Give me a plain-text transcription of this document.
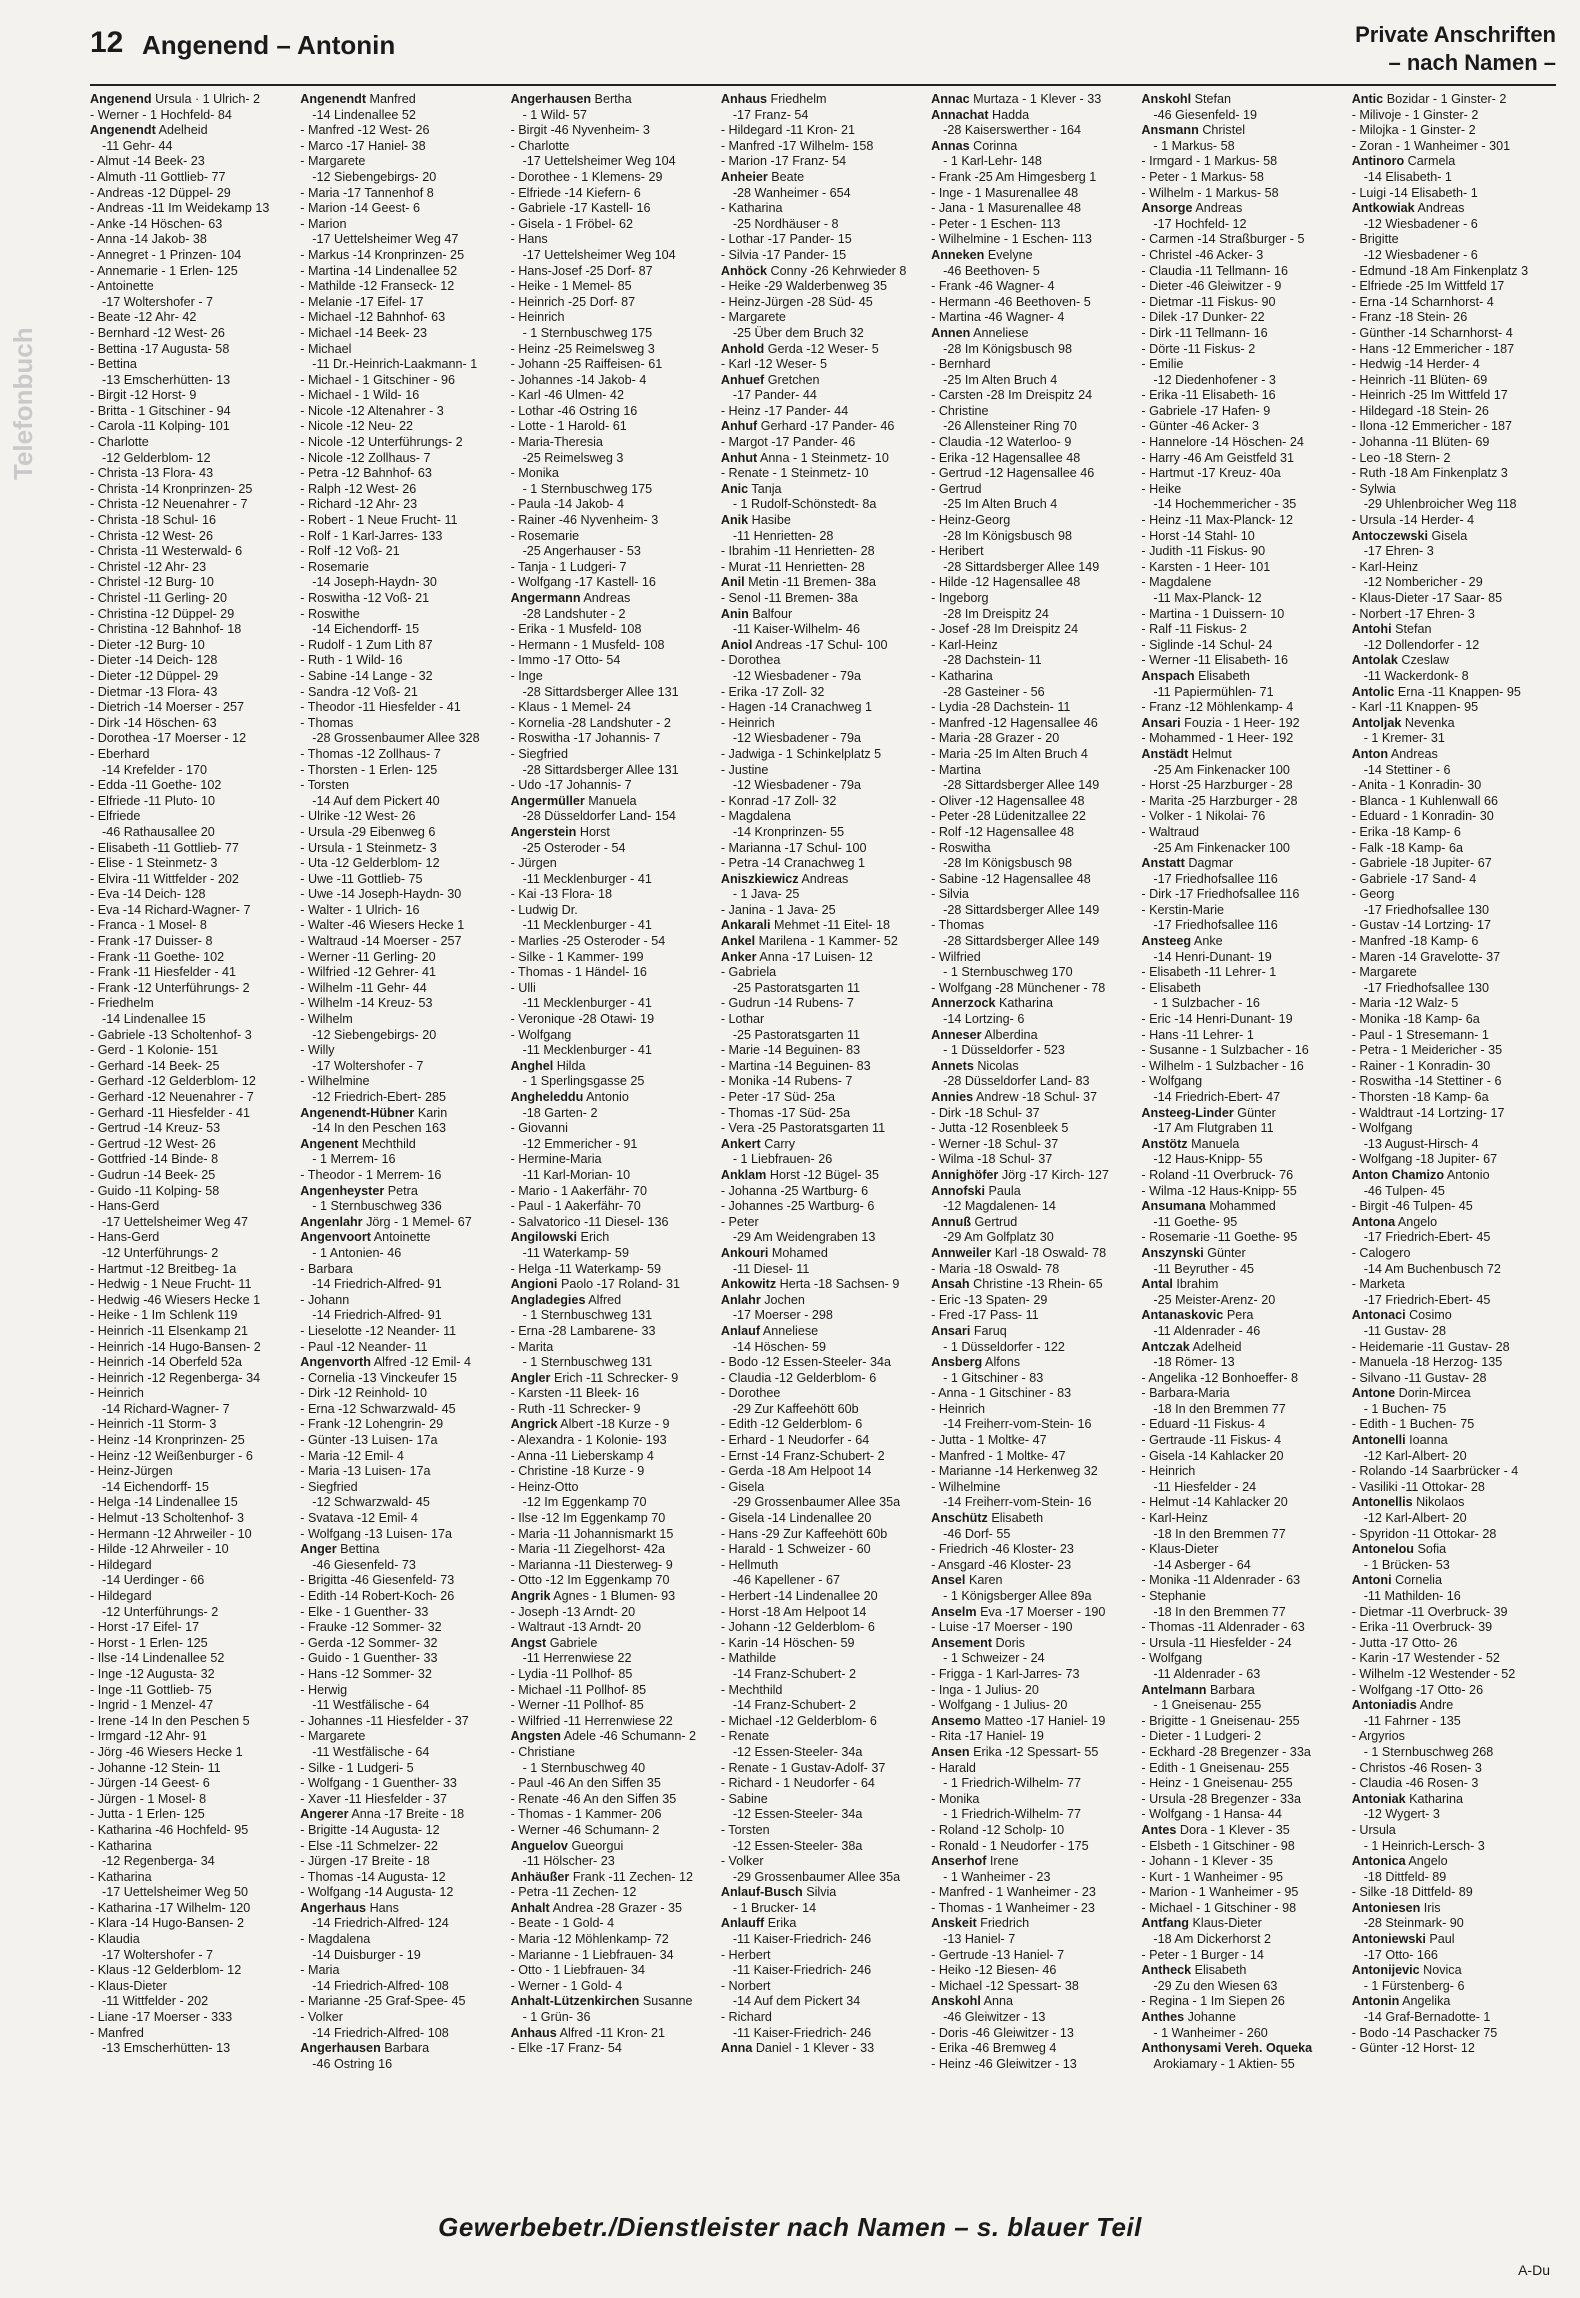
Telefonbuch
12 Angenend – Antonin	Private Anschriften
– nach Namen –
Angenend Ursula · 1 Ulrich- 2
- Werner - 1 Hochfeld- 84
Angenendt Adelheid
-11 Gehr- 44
- Almut -14 Beek- 23
- Almuth -11 Gottlieb- 77
- Andreas -12 Düppel- 29
- Andreas -11 Im Weidekamp 13
- Anke -14 Höschen- 63
- Anna -14 Jakob- 38
- Annegret - 1 Prinzen- 104
- Annemarie - 1 Erlen- 125
- Antoinette
-17 Woltershofer - 7
- Beate -12 Ahr- 42
- Bernhard -12 West- 26
- Bettina -17 Augusta- 58
- Bettina
-13 Emscherhütten- 13
- Birgit -12 Horst- 9
- Britta - 1 Gitschiner - 94
- Carola -11 Kolping- 101
- Charlotte
-12 Gelderblom- 12
- Christa -13 Flora- 43
- Christa -14 Kronprinzen- 25
- Christa -12 Neuenahrer - 7
- Christa -18 Schul- 16
- Christa -12 West- 26
- Christa -11 Westerwald- 6
- Christel -12 Ahr- 23
- Christel -12 Burg- 10
- Christel -11 Gerling- 20
- Christina -12 Düppel- 29
- Christina -12 Bahnhof- 18
- Dieter -12 Burg- 10
- Dieter -14 Deich- 128
- Dieter -12 Düppel- 29
- Dietmar -13 Flora- 43
- Dietrich -14 Moerser - 257
- Dirk -14 Höschen- 63
- Dorothea -17 Moerser - 12
- Eberhard
-14 Krefelder - 170
- Edda -11 Goethe- 102
- Elfriede -11 Pluto- 10
- Elfriede
-46 Rathausallee 20
- Elisabeth -11 Gottlieb- 77
- Elise - 1 Steinmetz- 3
- Elvira -11 Wittfelder - 202
- Eva -14 Deich- 128
- Eva -14 Richard-Wagner- 7
- Franca - 1 Mosel- 8
- Frank -17 Duisser- 8
- Frank -11 Goethe- 102
- Frank -11 Hiesfelder - 41
- Frank -12 Unterführungs- 2
- Friedhelm
-14 Lindenallee 15
- Gabriele -13 Scholtenhof- 3
- Gerd - 1 Kolonie- 151
- Gerhard -14 Beek- 25
- Gerhard -12 Gelderblom- 12
- Gerhard -12 Neuenahrer - 7
- Gerhard -11 Hiesfelder - 41
- Gertrud -14 Kreuz- 53
- Gertrud -12 West- 26
- Gottfried -14 Binde- 8
- Gudrun -14 Beek- 25
- Guido -11 Kolping- 58
- Hans-Gerd
-17 Uettelsheimer Weg 47
- Hans-Gerd
-12 Unterführungs- 2
- Hartmut -12 Breitbeg- 1a
- Hedwig - 1 Neue Frucht- 11
- Hedwig -46 Wiesers Hecke 1
- Heike - 1 Im Schlenk 119
- Heinrich -11 Elsenkamp 21
- Heinrich -14 Hugo-Bansen- 2
- Heinrich -14 Oberfeld 52a
- Heinrich -12 Regenberga- 34
- Heinrich
-14 Richard-Wagner- 7
- Heinrich -11 Storm- 3
- Heinz -14 Kronprinzen- 25
- Heinz -12 Weißenburger - 6
- Heinz-Jürgen
-14 Eichendorff- 15
- Helga -14 Lindenallee 15
- Helmut -13 Scholtenhof- 3
- Hermann -12 Ahrweiler - 10
- Hilde -12 Ahrweiler - 10
- Hildegard
-14 Uerdinger - 66
- Hildegard
-12 Unterführungs- 2
- Horst -17 Eifel- 17
- Horst - 1 Erlen- 125
- Ilse -14 Lindenallee 52
- Inge -12 Augusta- 32
- Inge -11 Gottlieb- 75
- Ingrid - 1 Menzel- 47
- Irene -14 In den Peschen 5
- Irmgard -12 Ahr- 91
- Jörg -46 Wiesers Hecke 1
- Johanne -12 Stein- 11
- Jürgen -14 Geest- 6
- Jürgen - 1 Mosel- 8
- Jutta - 1 Erlen- 125
- Katharina -46 Hochfeld- 95
- Katharina
-12 Regenberga- 34
- Katharina
-17 Uettelsheimer Weg 50
- Katharina -17 Wilhelm- 120
- Klara -14 Hugo-Bansen- 2
- Klaudia
-17 Woltershofer - 7
- Klaus -12 Gelderblom- 12
- Klaus-Dieter
-11 Wittfelder - 202
- Liane -17 Moerser - 333
- Manfred
-13 Emscherhütten- 13
Angenendt Manfred
-14 Lindenallee 52
- Manfred -12 West- 26
- Marco -17 Haniel- 38
- Margarete
-12 Siebengebirgs- 20
- Maria -17 Tannenhof 8
- Marion -14 Geest- 6
- Marion
-17 Uettelsheimer Weg 47
- Markus -14 Kronprinzen- 25
- Martina -14 Lindenallee 52
- Mathilde -12 Franseck- 12
- Melanie -17 Eifel- 17
- Michael -12 Bahnhof- 63
- Michael -14 Beek- 23
- Michael
-11 Dr.-Heinrich-Laakmann- 1
- Michael - 1 Gitschiner - 96
- Michael - 1 Wild- 16
- Nicole -12 Altenahrer - 3
- Nicole -12 Neu- 22
- Nicole -12 Unterführungs- 2
- Nicole -12 Zollhaus- 7
- Petra -12 Bahnhof- 63
- Ralph -12 West- 26
- Richard -12 Ahr- 23
- Robert - 1 Neue Frucht- 11
- Rolf - 1 Karl-Jarres- 133
- Rolf -12 Voß- 21
- Rosemarie
-14 Joseph-Haydn- 30
- Roswitha -12 Voß- 21
- Roswithe
-14 Eichendorff- 15
- Rudolf - 1 Zum Lith 87
- Ruth - 1 Wild- 16
- Sabine -14 Lange - 32
- Sandra -12 Voß- 21
- Theodor -11 Hiesfelder - 41
- Thomas
-28 Grossenbaumer Allee 328
- Thomas -12 Zollhaus- 7
- Thorsten - 1 Erlen- 125
- Torsten
-14 Auf dem Pickert 40
- Ulrike -12 West- 26
- Ursula -29 Eibenweg 6
- Ursula - 1 Steinmetz- 3
- Uta -12 Gelderblom- 12
- Uwe -11 Gottlieb- 75
- Uwe -14 Joseph-Haydn- 30
- Walter - 1 Ulrich- 16
- Walter -46 Wiesers Hecke 1
- Waltraud -14 Moerser - 257
- Werner -11 Gerling- 20
- Wilfried -12 Gehrer- 41
- Wilhelm -11 Gehr- 44
- Wilhelm -14 Kreuz- 53
- Wilhelm
-12 Siebengebirgs- 20
- Willy
-17 Woltershofer - 7
- Wilhelmine
-12 Friedrich-Ebert- 285
Angenendt-Hübner Karin
-14 In den Peschen 163
Angenent Mechthild
- 1 Merrem- 16
- Theodor - 1 Merrem- 16
Angenheyster Petra
- 1 Sternbuschweg 336
Angenlahr Jörg - 1 Memel- 67
Angenvoort Antoinette
- 1 Antonien- 46
- Barbara
-14 Friedrich-Alfred- 91
- Johann
-14 Friedrich-Alfred- 91
- Lieselotte -12 Neander- 11
- Paul -12 Neander- 11
Angenvorth Alfred -12 Emil- 4
- Cornelia -13 Vinckeufer 15
- Dirk -12 Reinhold- 10
- Erna -12 Schwarzwald- 45
- Frank -12 Lohengrin- 29
- Günter -13 Luisen- 17a
- Maria -12 Emil- 4
- Maria -13 Luisen- 17a
- Siegfried
-12 Schwarzwald- 45
- Svatava -12 Emil- 4
- Wolfgang -13 Luisen- 17a
Anger Bettina
-46 Giesenfeld- 73
- Brigitta -46 Giesenfeld- 73
- Edith -14 Robert-Koch- 26
- Elke - 1 Guenther- 33
- Frauke -12 Sommer- 32
- Gerda -12 Sommer- 32
- Guido - 1 Guenther- 33
- Hans -12 Sommer- 32
- Herwig
-11 Westfälische - 64
- Johannes -11 Hiesfelder - 37
- Margarete
-11 Westfälische - 64
- Silke - 1 Ludgeri- 5
- Wolfgang - 1 Guenther- 33
- Xaver -11 Hiesfelder - 37
Angerer Anna -17 Breite - 18
- Brigitte -14 Augusta- 12
- Else -11 Schmelzer- 22
- Jürgen -17 Breite - 18
- Thomas -14 Augusta- 12
- Wolfgang -14 Augusta- 12
Angerhaus Hans
-14 Friedrich-Alfred- 124
- Magdalena
-14 Duisburger - 19
- Maria
-14 Friedrich-Alfred- 108
- Marianne -25 Graf-Spee- 45
- Volker
-14 Friedrich-Alfred- 108
Angerhausen Barbara
-46 Ostring 16
Angerhausen Bertha
- 1 Wild- 57
- Birgit -46 Nyvenheim- 3
- Charlotte
-17 Uettelsheimer Weg 104
- Dorothee - 1 Klemens- 29
- Elfriede -14 Kiefern- 6
- Gabriele -17 Kastell- 16
- Gisela - 1 Fröbel- 62
- Hans
-17 Uettelsheimer Weg 104
- Hans-Josef -25 Dorf- 87
- Heike - 1 Memel- 85
- Heinrich -25 Dorf- 87
- Heinrich
- 1 Sternbuschweg 175
- Heinz -25 Reimelsweg 3
- Johann -25 Raiffeisen- 61
- Johannes -14 Jakob- 4
- Karl -46 Ulmen- 42
- Lothar -46 Ostring 16
- Lotte - 1 Harold- 61
- Maria-Theresia
-25 Reimelsweg 3
- Monika
- 1 Sternbuschweg 175
- Paula -14 Jakob- 4
- Rainer -46 Nyvenheim- 3
- Rosemarie
-25 Angerhauser - 53
- Tanja - 1 Ludgeri- 7
- Wolfgang -17 Kastell- 16
Angermann Andreas
-28 Landshuter - 2
- Erika - 1 Musfeld- 108
- Hermann - 1 Musfeld- 108
- Immo -17 Otto- 54
- Inge
-28 Sittardsberger Allee 131
- Klaus - 1 Memel- 24
- Kornelia -28 Landshuter - 2
- Roswitha -17 Johannis- 7
- Siegfried
-28 Sittardsberger Allee 131
- Udo -17 Johannis- 7
Angermüller Manuela
-28 Düsseldorfer Land- 154
Angerstein Horst
-25 Osteroder - 54
- Jürgen
-11 Mecklenburger - 41
- Kai -13 Flora- 18
- Ludwig Dr.
-11 Mecklenburger - 41
- Marlies -25 Osteroder - 54
- Silke - 1 Kammer- 199
- Thomas - 1 Händel- 16
- Ulli
-11 Mecklenburger - 41
- Veronique -28 Otawi- 19
- Wolfgang
-11 Mecklenburger - 41
Anghel Hilda
- 1 Sperlingsgasse 25
Angheleddu Antonio
-18 Garten- 2
- Giovanni
-12 Emmericher - 91
- Hermine-Maria
-11 Karl-Morian- 10
- Mario - 1 Aakerfähr- 70
- Paul - 1 Aakerfähr- 70
- Salvatorico -11 Diesel- 136
Angilowski Erich
-11 Waterkamp- 59
- Helga -11 Waterkamp- 59
Angioni Paolo -17 Roland- 31
Angladegies Alfred
- 1 Sternbuschweg 131
- Erna -28 Lambarene- 33
- Marita
- 1 Sternbuschweg 131
Angler Erich -11 Schrecker- 9
- Karsten -11 Bleek- 16
- Ruth -11 Schrecker- 9
Angrick Albert -18 Kurze - 9
- Alexandra - 1 Kolonie- 193
- Anna -11 Lieberskamp 4
- Christine -18 Kurze - 9
- Heinz-Otto
-12 Im Eggenkamp 70
- Ilse -12 Im Eggenkamp 70
- Maria -11 Johannismarkt 15
- Maria -11 Ziegelhorst- 42a
- Marianna -11 Diesterweg- 9
- Otto -12 Im Eggenkamp 70
Angrik Agnes - 1 Blumen- 93
- Joseph -13 Arndt- 20
- Waltraut -13 Arndt- 20
Angst Gabriele
-11 Herrenwiese 22
- Lydia -11 Pollhof- 85
- Michael -11 Pollhof- 85
- Werner -11 Pollhof- 85
- Wilfried -11 Herrenwiese 22
Angsten Adele -46 Schumann- 2
- Christiane
- 1 Sternbuschweg 40
- Paul -46 An den Siffen 35
- Renate -46 An den Siffen 35
- Thomas - 1 Kammer- 206
- Werner -46 Schumann- 2
Anguelov Gueorgui
-11 Hölscher- 23
Anhäußer Frank -11 Zechen- 12
- Petra -11 Zechen- 12
Anhalt Andrea -28 Grazer - 35
- Beate - 1 Gold- 4
- Maria -12 Möhlenkamp- 72
- Marianne - 1 Liebfrauen- 34
- Otto - 1 Liebfrauen- 34
- Werner - 1 Gold- 4
Anhalt-Lützenkirchen Susanne
- 1 Grün- 36
Anhaus Alfred -11 Kron- 21
- Elke -17 Franz- 54
Anhaus Friedhelm
-17 Franz- 54
- Hildegard -11 Kron- 21
- Manfred -17 Wilhelm- 158
- Marion -17 Franz- 54
Anheier Beate
-28 Wanheimer - 654
- Katharina
-25 Nordhäuser - 8
- Lothar -17 Pander- 15
- Silvia -17 Pander- 15
Anhöck Conny -26 Kehrwieder 8
- Heike -29 Walderbenweg 35
- Heinz-Jürgen -28 Süd- 45
- Margarete
-25 Über dem Bruch 32
Anhold Gerda -12 Weser- 5
- Karl -12 Weser- 5
Anhuef Gretchen
-17 Pander- 44
- Heinz -17 Pander- 44
Anhuf Gerhard -17 Pander- 46
- Margot -17 Pander- 46
Anhut Anna - 1 Steinmetz- 10
- Renate - 1 Steinmetz- 10
Anic Tanja
- 1 Rudolf-Schönstedt- 8a
Anik Hasibe
-11 Henrietten- 28
- Ibrahim -11 Henrietten- 28
- Murat -11 Henrietten- 28
Anil Metin -11 Bremen- 38a
- Senol -11 Bremen- 38a
Anin Balfour
-11 Kaiser-Wilhelm- 46
Aniol Andreas -17 Schul- 100
- Dorothea
-12 Wiesbadener - 79a
- Erika -17 Zoll- 32
- Hagen -14 Cranachweg 1
- Heinrich
-12 Wiesbadener - 79a
- Jadwiga - 1 Schinkelplatz 5
- Justine
-12 Wiesbadener - 79a
- Konrad -17 Zoll- 32
- Magdalena
-14 Kronprinzen- 55
- Marianna -17 Schul- 100
- Petra -14 Cranachweg 1
Aniszkiewicz Andreas
- 1 Java- 25
- Janina - 1 Java- 25
Ankarali Mehmet -11 Eitel- 18
Ankel Marilena - 1 Kammer- 52
Anker Anna -17 Luisen- 12
- Gabriela
-25 Pastoratsgarten 11
- Gudrun -14 Rubens- 7
- Lothar
-25 Pastoratsgarten 11
- Marie -14 Beguinen- 83
- Martina -14 Beguinen- 83
- Monika -14 Rubens- 7
- Peter -17 Süd- 25a
- Thomas -17 Süd- 25a
- Vera -25 Pastoratsgarten 11
Ankert Carry
- 1 Liebfrauen- 26
Anklam Horst -12 Bügel- 35
- Johanna -25 Wartburg- 6
- Johannes -25 Wartburg- 6
- Peter
-29 Am Weidengraben 13
Ankouri Mohamed
-11 Diesel- 11
Ankowitz Herta -18 Sachsen- 9
Anlahr Jochen
-17 Moerser - 298
Anlauf Anneliese
-14 Höschen- 59
- Bodo -12 Essen-Steeler- 34a
- Claudia -12 Gelderblom- 6
- Dorothee
-29 Zur Kaffeehött 60b
- Edith -12 Gelderblom- 6
- Erhard - 1 Neudorfer - 64
- Ernst -14 Franz-Schubert- 2
- Gerda -18 Am Helpoot 14
- Gisela
-29 Grossenbaumer Allee 35a
- Gisela -14 Lindenallee 20
- Hans -29 Zur Kaffeehött 60b
- Harald - 1 Schweizer - 60
- Hellmuth
-46 Kapellener - 67
- Herbert -14 Lindenallee 20
- Horst -18 Am Helpoot 14
- Johann -12 Gelderblom- 6
- Karin -14 Höschen- 59
- Mathilde
-14 Franz-Schubert- 2
- Mechthild
-14 Franz-Schubert- 2
- Michael -12 Gelderblom- 6
- Renate
-12 Essen-Steeler- 34a
- Renate - 1 Gustav-Adolf- 37
- Richard - 1 Neudorfer - 64
- Sabine
-12 Essen-Steeler- 34a
- Torsten
-12 Essen-Steeler- 38a
- Volker
-29 Grossenbaumer Allee 35a
Anlauf-Busch Silvia
- 1 Brucker- 14
Anlauff Erika
-11 Kaiser-Friedrich- 246
- Herbert
-11 Kaiser-Friedrich- 246
- Norbert
-14 Auf dem Pickert 34
- Richard
-11 Kaiser-Friedrich- 246
Anna Daniel - 1 Klever - 33
Annac Murtaza - 1 Klever - 33
Annachat Hadda
-28 Kaiserswerther - 164
Annas Corinna
- 1 Karl-Lehr- 148
- Frank -25 Am Himgesberg 1
- Inge - 1 Masurenallee 48
- Jana - 1 Masurenallee 48
- Peter - 1 Eschen- 113
- Wilhelmine - 1 Eschen- 113
Anneken Evelyne
-46 Beethoven- 5
- Frank -46 Wagner- 4
- Hermann -46 Beethoven- 5
- Martina -46 Wagner- 4
Annen Anneliese
-28 Im Königsbusch 98
- Bernhard
-25 Im Alten Bruch 4
- Carsten -28 Im Dreispitz 24
- Christine
-26 Allensteiner Ring 70
- Claudia -12 Waterloo- 9
- Erika -12 Hagensallee 48
- Gertrud -12 Hagensallee 46
- Gertrud
-25 Im Alten Bruch 4
- Heinz-Georg
-28 Im Königsbusch 98
- Heribert
-28 Sittardsberger Allee 149
- Hilde -12 Hagensallee 48
- Ingeborg
-28 Im Dreispitz 24
- Josef -28 Im Dreispitz 24
- Karl-Heinz
-28 Dachstein- 11
- Katharina
-28 Gasteiner - 56
- Lydia -28 Dachstein- 11
- Manfred -12 Hagensallee 46
- Maria -28 Grazer - 20
- Maria -25 Im Alten Bruch 4
- Martina
-28 Sittardsberger Allee 149
- Oliver -12 Hagensallee 48
- Peter -28 Lüdenitzallee 22
- Rolf -12 Hagensallee 48
- Roswitha
-28 Im Königsbusch 98
- Sabine -12 Hagensallee 48
- Silvia
-28 Sittardsberger Allee 149
- Thomas
-28 Sittardsberger Allee 149
- Wilfried
- 1 Sternbuschweg 170
- Wolfgang -28 Münchener - 78
Annerzock Katharina
-14 Lortzing- 6
Anneser Alberdina
- 1 Düsseldorfer - 523
Annets Nicolas
-28 Düsseldorfer Land- 83
Annies Andrew -18 Schul- 37
- Dirk -18 Schul- 37
- Jutta -12 Rosenbleek 5
- Werner -18 Schul- 37
- Wilma -18 Schul- 37
Annighöfer Jörg -17 Kirch- 127
Annofski Paula
-12 Magdalenen- 14
Annuß Gertrud
-29 Am Golfplatz 30
Annweiler Karl -18 Oswald- 78
- Maria -18 Oswald- 78
Ansah Christine -13 Rhein- 65
- Eric -13 Spaten- 29
- Fred -17 Pass- 11
Ansari Faruq
- 1 Düsseldorfer - 122
Ansberg Alfons
- 1 Gitschiner - 83
- Anna - 1 Gitschiner - 83
- Heinrich
-14 Freiherr-vom-Stein- 16
- Jutta - 1 Moltke- 47
- Manfred - 1 Moltke- 47
- Marianne -14 Herkenweg 32
- Wilhelmine
-14 Freiherr-vom-Stein- 16
Anschütz Elisabeth
-46 Dorf- 55
- Friedrich -46 Kloster- 23
- Ansgard -46 Kloster- 23
Ansel Karen
- 1 Königsberger Allee 89a
Anselm Eva -17 Moerser - 190
- Luise -17 Moerser - 190
Ansement Doris
- 1 Schweizer - 24
- Frigga - 1 Karl-Jarres- 73
- Inga - 1 Julius- 20
- Wolfgang - 1 Julius- 20
Ansemo Matteo -17 Haniel- 19
- Rita -17 Haniel- 19
Ansen Erika -12 Spessart- 55
- Harald
- 1 Friedrich-Wilhelm- 77
- Monika
- 1 Friedrich-Wilhelm- 77
- Roland -12 Scholp- 10
- Ronald - 1 Neudorfer - 175
Anserhof Irene
- 1 Wanheimer - 23
- Manfred - 1 Wanheimer - 23
- Thomas - 1 Wanheimer - 23
Anskeit Friedrich
-13 Haniel- 7
- Gertrude -13 Haniel- 7
- Heiko -12 Biesen- 46
- Michael -12 Spessart- 38
Anskohl Anna
-46 Gleiwitzer - 13
- Doris -46 Gleiwitzer - 13
- Erika -46 Bremweg 4
- Heinz -46 Gleiwitzer - 13
Anskohl Stefan
-46 Giesenfeld- 19
Ansmann Christel
- 1 Markus- 58
- Irmgard - 1 Markus- 58
- Peter - 1 Markus- 58
- Wilhelm - 1 Markus- 58
Ansorge Andreas
-17 Hochfeld- 12
- Carmen -14 Straßburger - 5
- Christel -46 Acker- 3
- Claudia -11 Tellmann- 16
- Dieter -46 Gleiwitzer - 9
- Dietmar -11 Fiskus- 90
- Dilek -17 Dunker- 22
- Dirk -11 Tellmann- 16
- Dörte -11 Fiskus- 2
- Emilie
-12 Diedenhofener - 3
- Erika -11 Elisabeth- 16
- Gabriele -17 Hafen- 9
- Günter -46 Acker- 3
- Hannelore -14 Höschen- 24
- Harry -46 Am Geistfeld 31
- Hartmut -17 Kreuz- 40a
- Heike
-14 Hochemmericher - 35
- Heinz -11 Max-Planck- 12
- Horst -14 Stahl- 10
- Judith -11 Fiskus- 90
- Karsten - 1 Heer- 101
- Magdalene
-11 Max-Planck- 12
- Martina - 1 Duissern- 10
- Ralf -11 Fiskus- 2
- Siglinde -14 Schul- 24
- Werner -11 Elisabeth- 16
Anspach Elisabeth
-11 Papiermühlen- 71
- Franz -12 Möhlenkamp- 4
Ansari Fouzia - 1 Heer- 192
- Mohammed - 1 Heer- 192
Anstädt Helmut
-25 Am Finkenacker 100
- Horst -25 Harzburger - 28
- Marita -25 Harzburger - 28
- Volker - 1 Nikolai- 76
- Waltraud
-25 Am Finkenacker 100
Anstatt Dagmar
-17 Friedhofsallee 116
- Dirk -17 Friedhofsallee 116
- Kerstin-Marie
-17 Friedhofsallee 116
Ansteeg Anke
-14 Henri-Dunant- 19
- Elisabeth -11 Lehrer- 1
- Elisabeth
- 1 Sulzbacher - 16
- Eric -14 Henri-Dunant- 19
- Hans -11 Lehrer- 1
- Susanne - 1 Sulzbacher - 16
- Wilhelm - 1 Sulzbacher - 16
- Wolfgang
-14 Friedrich-Ebert- 47
Ansteeg-Linder Günter
-17 Am Flutgraben 11
Anstötz Manuela
-12 Haus-Knipp- 55
- Roland -11 Overbruck- 76
- Wilma -12 Haus-Knipp- 55
Ansumana Mohammed
-11 Goethe- 95
- Rosemarie -11 Goethe- 95
Anszynski Günter
-11 Beyruther - 45
Antal Ibrahim
-25 Meister-Arenz- 20
Antanaskovic Pera
-11 Aldenrader - 46
Antczak Adelheid
-18 Römer- 13
- Angelika -12 Bonhoeffer- 8
- Barbara-Maria
-18 In den Bremmen 77
- Eduard -11 Fiskus- 4
- Gertraude -11 Fiskus- 4
- Gisela -14 Kahlacker 20
- Heinrich
-11 Hiesfelder - 24
- Helmut -14 Kahlacker 20
- Karl-Heinz
-18 In den Bremmen 77
- Klaus-Dieter
-14 Asberger - 64
- Monika -11 Aldenrader - 63
- Stephanie
-18 In den Bremmen 77
- Thomas -11 Aldenrader - 63
- Ursula -11 Hiesfelder - 24
- Wolfgang
-11 Aldenrader - 63
Antelmann Barbara
- 1 Gneisenau- 255
- Brigitte - 1 Gneisenau- 255
- Dieter - 1 Ludgeri- 2
- Eckhard -28 Bregenzer - 33a
- Edith - 1 Gneisenau- 255
- Heinz - 1 Gneisenau- 255
- Ursula -28 Bregenzer - 33a
- Wolfgang - 1 Hansa- 44
Antes Dora - 1 Klever - 35
- Elsbeth - 1 Gitschiner - 98
- Johann - 1 Klever - 35
- Kurt - 1 Wanheimer - 95
- Marion - 1 Wanheimer - 95
- Michael - 1 Gitschiner - 98
Antfang Klaus-Dieter
-18 Am Dickerhorst 2
- Peter - 1 Burger - 14
Antheck Elisabeth
-29 Zu den Wiesen 63
- Regina - 1 Im Siepen 26
Anthes Johanne
- 1 Wanheimer - 260
Anthonysami Vereh. Oqueka
Arokiamary - 1 Aktien- 55
Antic Bozidar - 1 Ginster- 2
- Milivoje - 1 Ginster- 2
- Milojka - 1 Ginster- 2
- Zoran - 1 Wanheimer - 301
Antinoro Carmela
-14 Elisabeth- 1
- Luigi -14 Elisabeth- 1
Antkowiak Andreas
-12 Wiesbadener - 6
- Brigitte
-12 Wiesbadener - 6
- Edmund -18 Am Finkenplatz 3
- Elfriede -25 Im Wittfeld 17
- Erna -14 Scharnhorst- 4
- Franz -18 Stein- 26
- Günther -14 Scharnhorst- 4
- Hans -12 Emmericher - 187
- Hedwig -14 Herder- 4
- Heinrich -11 Blüten- 69
- Heinrich -25 Im Wittfeld 17
- Hildegard -18 Stein- 26
- Ilona -12 Emmericher - 187
- Johanna -11 Blüten- 69
- Leo -18 Stern- 2
- Ruth -18 Am Finkenplatz 3
- Sylwia
-29 Uhlenbroicher Weg 118
- Ursula -14 Herder- 4
Antoczewski Gisela
-17 Ehren- 3
- Karl-Heinz
-12 Nombericher - 29
- Klaus-Dieter -17 Saar- 85
- Norbert -17 Ehren- 3
Antohi Stefan
-12 Dollendorfer - 12
Antolak Czeslaw
-11 Wackerdonk- 8
Antolic Erna -11 Knappen- 95
- Karl -11 Knappen- 95
Antoljak Nevenka
- 1 Kremer- 31
Anton Andreas
-14 Stettiner - 6
- Anita - 1 Konradin- 30
- Blanca - 1 Kuhlenwall 66
- Eduard - 1 Konradin- 30
- Erika -18 Kamp- 6
- Falk -18 Kamp- 6a
- Gabriele -18 Jupiter- 67
- Gabriele -17 Sand- 4
- Georg
-17 Friedhofsallee 130
- Gustav -14 Lortzing- 17
- Manfred -18 Kamp- 6
- Maren -14 Gravelotte- 37
- Margarete
-17 Friedhofsallee 130
- Maria -12 Walz- 5
- Monika -18 Kamp- 6a
- Paul - 1 Stresemann- 1
- Petra - 1 Meidericher - 35
- Rainer - 1 Konradin- 30
- Roswitha -14 Stettiner - 6
- Thorsten -18 Kamp- 6a
- Waldtraut -14 Lortzing- 17
- Wolfgang
-13 August-Hirsch- 4
- Wolfgang -18 Jupiter- 67
Anton Chamizo Antonio
-46 Tulpen- 45
- Birgit -46 Tulpen- 45
Antona Angelo
-17 Friedrich-Ebert- 45
- Calogero
-14 Am Buchenbusch 72
- Marketa
-17 Friedrich-Ebert- 45
Antonaci Cosimo
-11 Gustav- 28
- Heidemarie -11 Gustav- 28
- Manuela -18 Herzog- 135
- Silvano -11 Gustav- 28
Antone Dorin-Mircea
- 1 Buchen- 75
- Edith - 1 Buchen- 75
Antonelli Ioanna
-12 Karl-Albert- 20
- Rolando -14 Saarbrücker - 4
- Vasiliki -11 Ottokar- 28
Antonellis Nikolaos
-12 Karl-Albert- 20
- Spyridon -11 Ottokar- 28
Antonelou Sofia
- 1 Brücken- 53
Antoni Cornelia
-11 Mathilden- 16
- Dietmar -11 Overbruck- 39
- Erika -11 Overbruck- 39
- Jutta -17 Otto- 26
- Karin -17 Westender - 52
- Wilhelm -12 Westender - 52
- Wolfgang -17 Otto- 26
Antoniadis Andre
-11 Fahrner - 135
- Argyrios
- 1 Sternbuschweg 268
- Christos -46 Rosen- 3
- Claudia -46 Rosen- 3
Antoniak Katharina
-12 Wygert- 3
- Ursula
- 1 Heinrich-Lersch- 3
Antonica Angelo
-18 Dittfeld- 89
- Silke -18 Dittfeld- 89
Antoniesen Iris
-28 Steinmark- 90
Antoniewski Paul
-17 Otto- 166
Antonijevic Novica
- 1 Fürstenberg- 6
Antonin Angelika
-14 Graf-Bernadotte- 1
- Bodo -14 Paschacker 75
- Günter -12 Horst- 12
Gewerbebetr./Dienstleister nach Namen – s. blauer Teil
A-Du
